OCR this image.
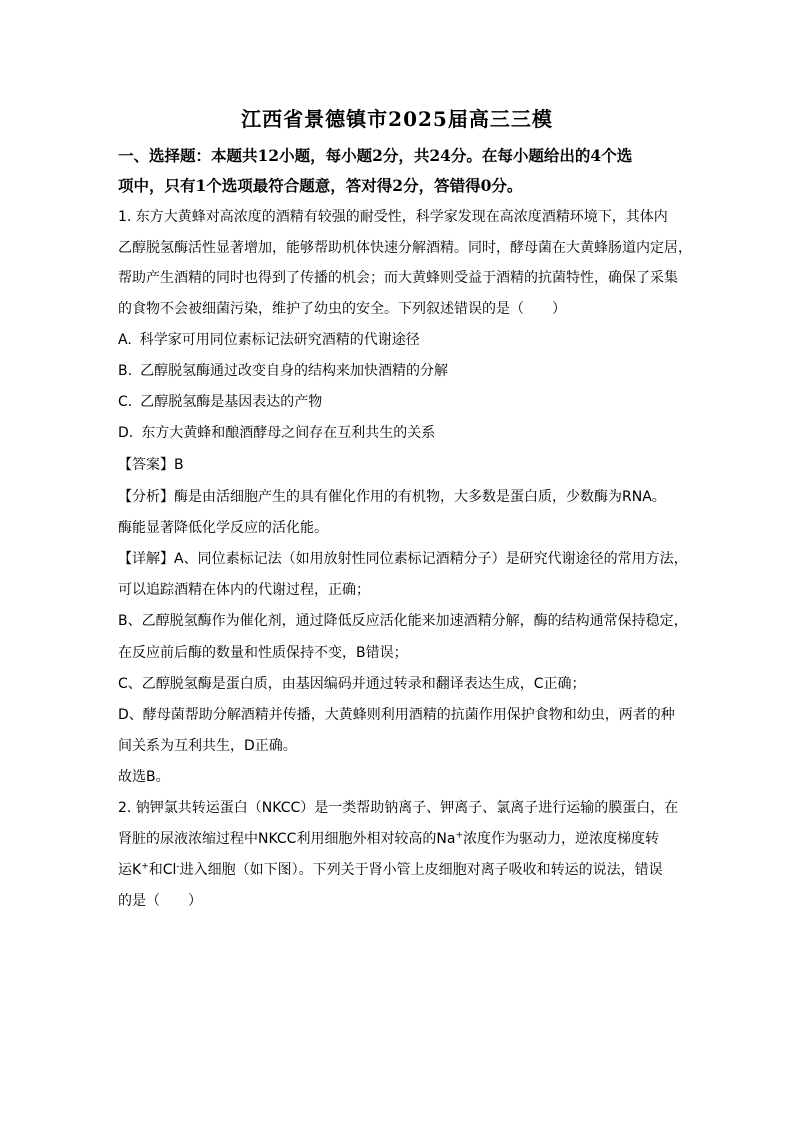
江西省景德镇市2025届高三三模
一、选择题：本题共12小题，每小题2分，共24分。在每小题给出的4个选
项中，只有1个选项最符合题意，答对得2分，答错得0分。
1. 东方大黄蜂对高浓度的酒精有较强的耐受性，科学家发现在高浓度酒精环境下，其体内
乙醇脱氢酶活性显著增加，能够帮助机体快速分解酒精。同时，酵母菌在大黄蜂肠道内定居，
帮助产生酒精的同时也得到了传播的机会；而大黄蜂则受益于酒精的抗菌特性，确保了采集
的食物不会被细菌污染，维护了幼虫的安全。下列叙述错误的是（　　）
A. 科学家可用同位素标记法研究酒精的代谢途径
B. 乙醇脱氢酶通过改变自身的结构来加快酒精的分解
C. 乙醇脱氢酶是基因表达的产物
D. 东方大黄蜂和酿酒酵母之间存在互利共生的关系
【答案】B
【分析】酶是由活细胞产生的具有催化作用的有机物，大多数是蛋白质，少数酶为RNA。
酶能显著降低化学反应的活化能。
【详解】A、同位素标记法（如用放射性同位素标记酒精分子）是研究代谢途径的常用方法，
可以追踪酒精在体内的代谢过程，正确；
B、乙醇脱氢酶作为催化剂，通过降低反应活化能来加速酒精分解，酶的结构通常保持稳定，
在反应前后酶的数量和性质保持不变，B错误；
C、乙醇脱氢酶是蛋白质，由基因编码并通过转录和翻译表达生成，C正确；
D、酵母菌帮助分解酒精并传播，大黄蜂则利用酒精的抗菌作用保护食物和幼虫，两者的种
间关系为互利共生，D正确。
故选B。
2. 钠钾氯共转运蛋白（NKCC）是一类帮助钠离子、钾离子、氯离子进行运输的膜蛋白，在
肾脏的尿液浓缩过程中NKCC利用细胞外相对较高的Na+浓度作为驱动力，逆浓度梯度转
运K+和Cl-进入细胞（如下图）。下列关于肾小管上皮细胞对离子吸收和转运的说法，错误
的是（　　）
